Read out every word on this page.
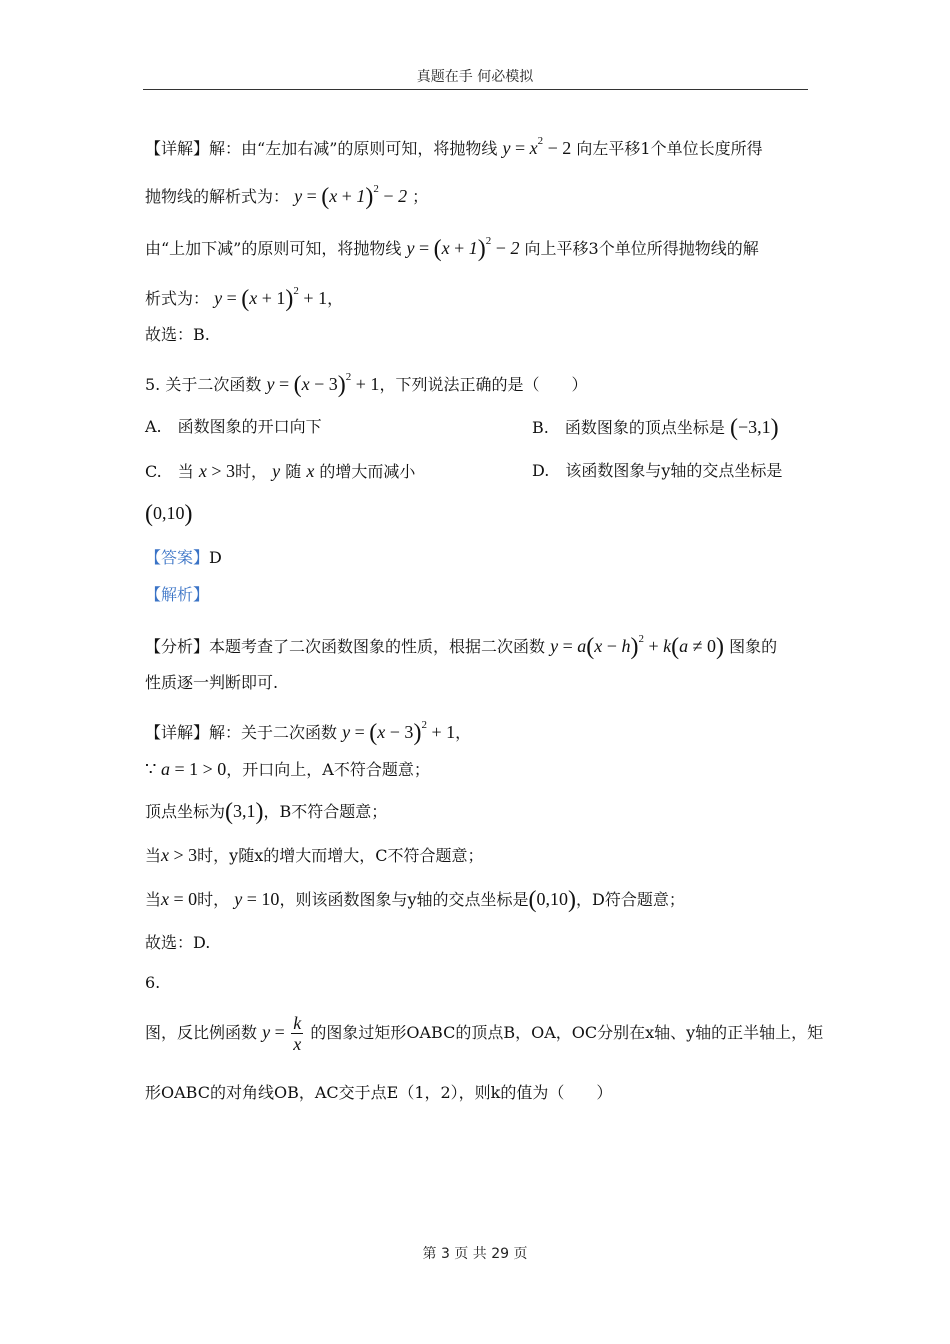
真题在手 何必模拟
【详解】解：由“左加右减”的原则可知，将抛物线 $y = x^2 - 2$ 向左平移1个单位长度所得
抛物线的解析式为： $y = (x + 1)^2 - 2$ ；
由“上加下减”的原则可知，将抛物线 $y = (x + 1)^2 - 2$ 向上平移3个单位所得抛物线的解
析式为： $y = (x + 1)^2 + 1$，
故选：B.
5. 关于二次函数 $y = (x - 3)^2 + 1$，下列说法正确的是（　　）
A.　函数图象的开口向下	B.　函数图象的顶点坐标是 (−3,1)
C.　当 x > 3时， y 随 x 的增大而减小	D.　该函数图象与y轴的交点坐标是
(0,10)
【答案】D
【解析】
【分析】本题考查了二次函数图象的性质，根据二次函数 $y = a(x - h)^2 + k(a \ne 0)$ 图象的
性质逐一判断即可.
【详解】解：关于二次函数 $y = (x - 3)^2 + 1$，
∵ a = 1 > 0，开口向上，A不符合题意；
顶点坐标为(3,1)，B不符合题意；
当x > 3时，y随x的增大而增大，C不符合题意；
当x = 0时， y = 10，则该函数图象与y轴的交点坐标是(0,10)，D符合题意；
故选：D.
6.
图，反比例函数 $y = \frac{k}{x}$ 的图象过矩形OABC的顶点B，OA，OC分别在x轴、y轴的正半轴上，矩
形OABC的对角线OB，AC交于点E（1，2），则k的值为（　　）
第 3 页 共 29 页
